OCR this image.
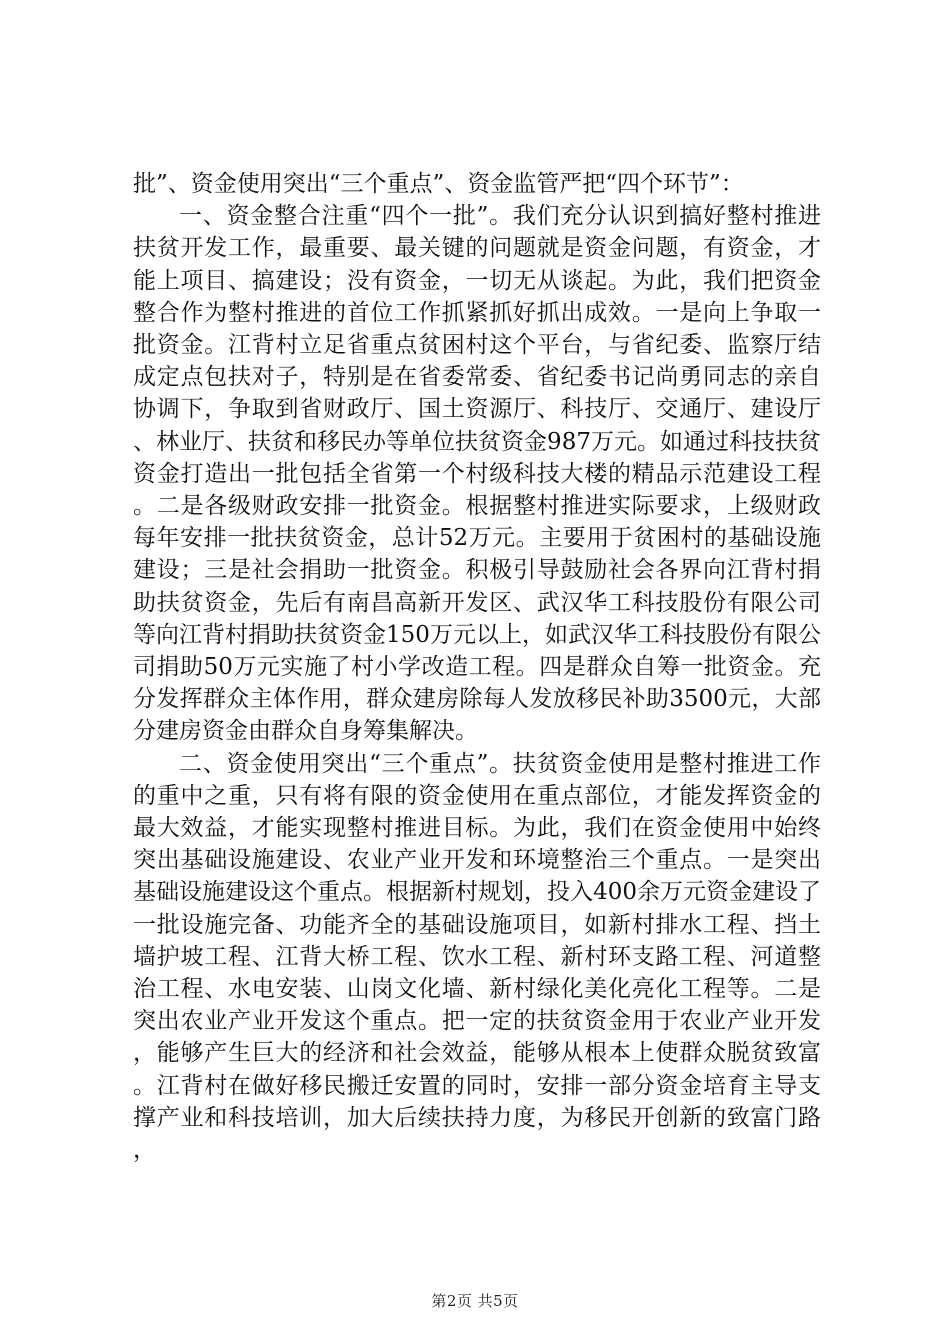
批”、资金使用突出“三个重点”、资金监管严把“四个环节”：

一、资金整合注重“四个一批”。我们充分认识到搞好整村推进扶贫开发工作，最重要、最关键的问题就是资金问题，有资金，才能上项目、搞建设；没有资金，一切无从谈起。为此，我们把资金整合作为整村推进的首位工作抓紧抓好抓出成效。一是向上争取一批资金。江背村立足省重点贫困村这个平台，与省纪委、监察厅结成定点包扶对子，特别是在省委常委、省纪委书记尚勇同志的亲自协调下，争取到省财政厅、国土资源厅、科技厅、交通厅、建设厅、林业厅、扶贫和移民办等单位扶贫资金987万元。如通过科技扶贫资金打造出一批包括全省第一个村级科技大楼的精品示范建设工程。二是各级财政安排一批资金。根据整村推进实际要求，上级财政每年安排一批扶贫资金，总计52万元。主要用于贫困村的基础设施建设；三是社会捐助一批资金。积极引导鼓励社会各界向江背村捐助扶贫资金，先后有南昌高新开发区、武汉华工科技股份有限公司等向江背村捐助扶贫资金150万元以上，如武汉华工科技股份有限公司捐助50万元实施了村小学改造工程。四是群众自筹一批资金。充分发挥群众主体作用，群众建房除每人发放移民补助3500元，大部分建房资金由群众自身筹集解决。

二、资金使用突出“三个重点”。扶贫资金使用是整村推进工作的重中之重，只有将有限的资金使用在重点部位，才能发挥资金的最大效益，才能实现整村推进目标。为此，我们在资金使用中始终突出基础设施建设、农业产业开发和环境整治三个重点。一是突出基础设施建设这个重点。根据新村规划，投入400余万元资金建设了一批设施完备、功能齐全的基础设施项目，如新村排水工程、挡土墙护坡工程、江背大桥工程、饮水工程、新村环支路工程、河道整治工程、水电安装、山岗文化墙、新村绿化美化亮化工程等。二是突出农业产业开发这个重点。把一定的扶贫资金用于农业产业开发，能够产生巨大的经济和社会效益，能够从根本上使群众脱贫致富。江背村在做好移民搬迁安置的同时，安排一部分资金培育主导支撑产业和科技培训，加大后续扶持力度，为移民开创新的致富门路，

第2页 共5页
